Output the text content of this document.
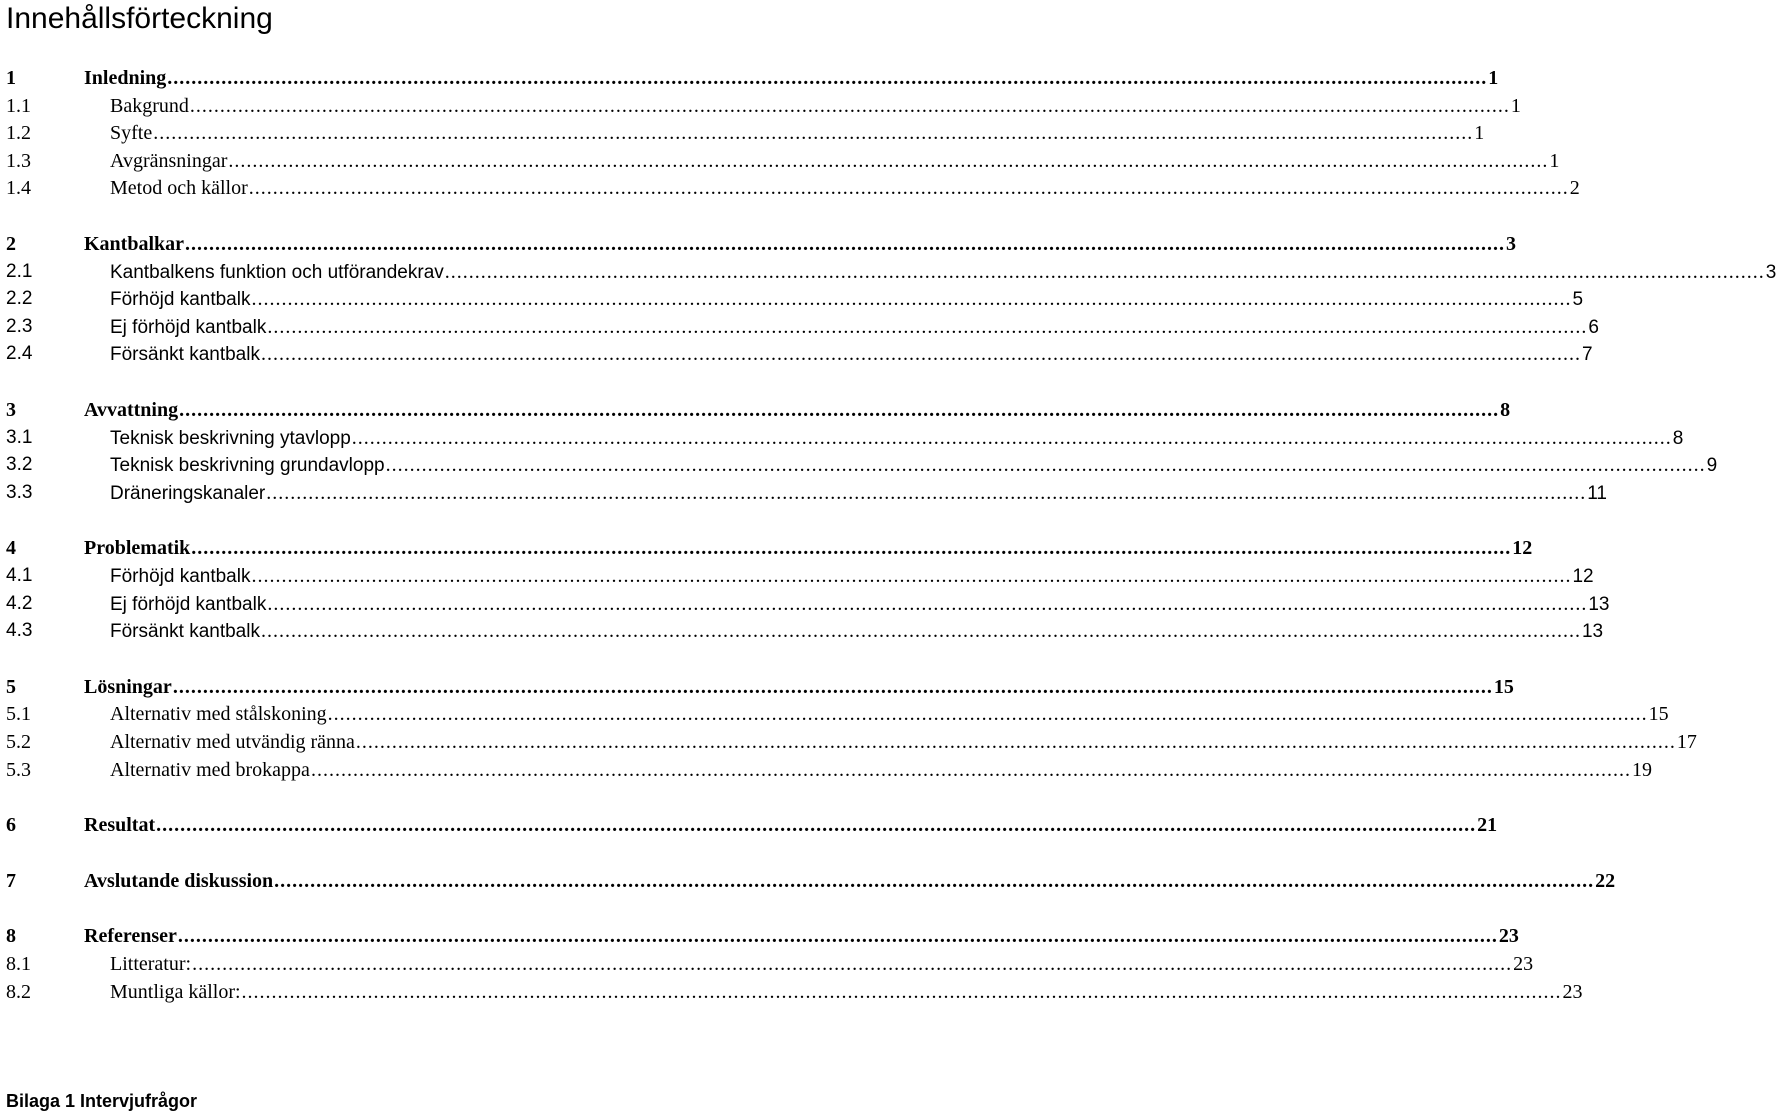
Innehållsförteckning
1	Inledning ............................................................................................................................................................................................................................ 1
1.1	Bakgrund ............................................................................................................................................................................................................................ 1
1.2	Syfte ............................................................................................................................................................................................................................ 1
1.3	Avgränsningar ............................................................................................................................................................................................................................ 1
1.4	Metod och källor ............................................................................................................................................................................................................................ 2
2	Kantbalkar ............................................................................................................................................................................................................................ 3
2.1	Kantbalkens funktion och utförandekrav ............................................................................................................................................................................................................................ 3
2.2	Förhöjd kantbalk ............................................................................................................................................................................................................................ 5
2.3	Ej förhöjd kantbalk ............................................................................................................................................................................................................................ 6
2.4	Försänkt kantbalk ............................................................................................................................................................................................................................ 7
3	Avvattning ............................................................................................................................................................................................................................ 8
3.1	Teknisk beskrivning ytavlopp ............................................................................................................................................................................................................................ 8
3.2	Teknisk beskrivning grundavlopp ............................................................................................................................................................................................................................ 9
3.3	Dräneringskanaler ............................................................................................................................................................................................................................ 11
4	Problematik ............................................................................................................................................................................................................................ 12
4.1	Förhöjd kantbalk ............................................................................................................................................................................................................................ 12
4.2	Ej förhöjd kantbalk ............................................................................................................................................................................................................................ 13
4.3	Försänkt kantbalk ............................................................................................................................................................................................................................ 13
5	Lösningar ............................................................................................................................................................................................................................ 15
5.1	Alternativ med stålskoning ............................................................................................................................................................................................................................ 15
5.2	Alternativ med utvändig ränna ............................................................................................................................................................................................................................ 17
5.3	Alternativ med brokappa ............................................................................................................................................................................................................................ 19
6	Resultat ............................................................................................................................................................................................................................ 21
7	Avslutande diskussion ............................................................................................................................................................................................................................ 22
8	Referenser ............................................................................................................................................................................................................................ 23
8.1	Litteratur: ............................................................................................................................................................................................................................ 23
8.2	Muntliga källor: ............................................................................................................................................................................................................................ 23
Bilaga 1 Intervjufrågor
